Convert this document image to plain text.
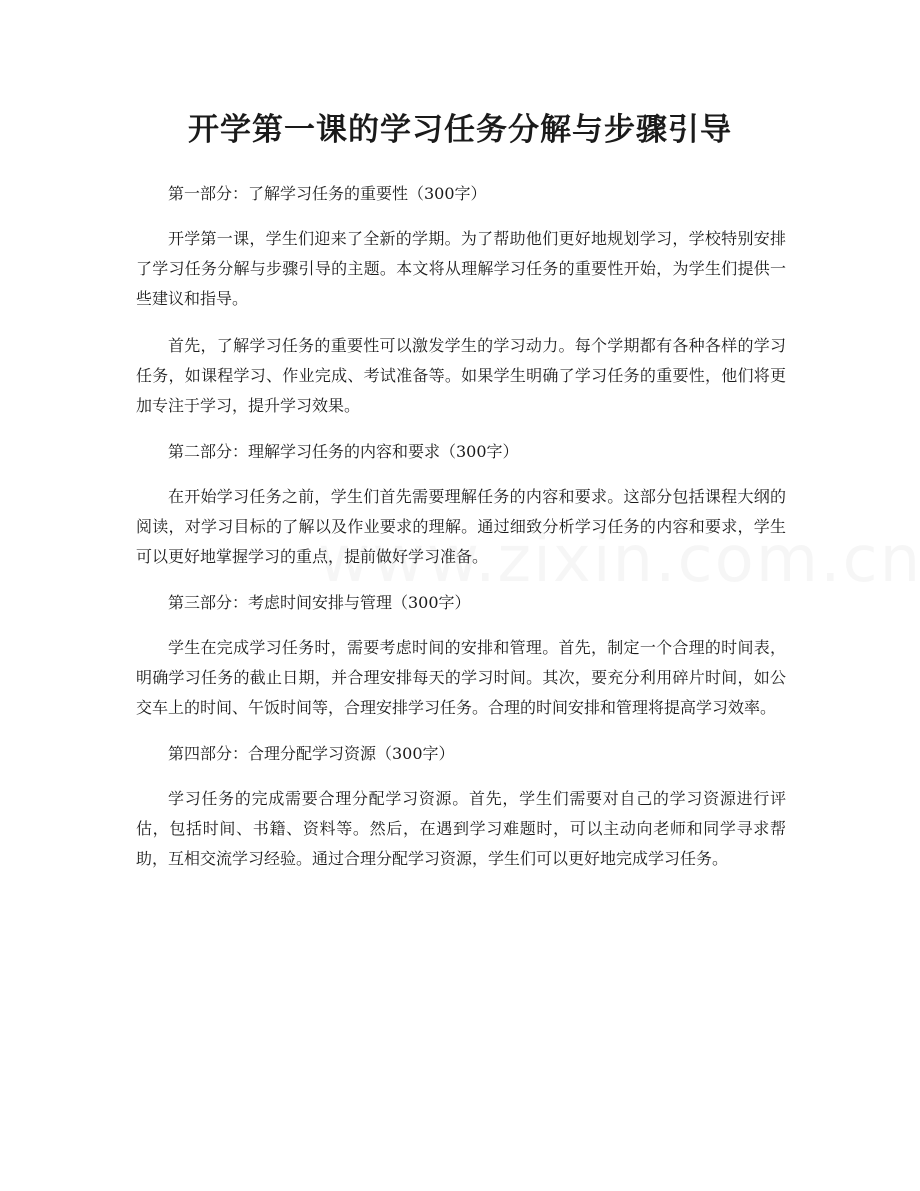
开学第一课的学习任务分解与步骤引导

第一部分：了解学习任务的重要性（300字）

开学第一课，学生们迎来了全新的学期。为了帮助他们更好地规划学习，学校特别安排了学习任务分解与步骤引导的主题。本文将从理解学习任务的重要性开始，为学生们提供一些建议和指导。

首先，了解学习任务的重要性可以激发学生的学习动力。每个学期都有各种各样的学习任务，如课程学习、作业完成、考试准备等。如果学生明确了学习任务的重要性，他们将更加专注于学习，提升学习效果。

第二部分：理解学习任务的内容和要求（300字）

在开始学习任务之前，学生们首先需要理解任务的内容和要求。这部分包括课程大纲的阅读，对学习目标的了解以及作业要求的理解。通过细致分析学习任务的内容和要求，学生可以更好地掌握学习的重点，提前做好学习准备。

第三部分：考虑时间安排与管理（300字）

学生在完成学习任务时，需要考虑时间的安排和管理。首先，制定一个合理的时间表，明确学习任务的截止日期，并合理安排每天的学习时间。其次，要充分利用碎片时间，如公交车上的时间、午饭时间等，合理安排学习任务。合理的时间安排和管理将提高学习效率。

第四部分：合理分配学习资源（300字）

学习任务的完成需要合理分配学习资源。首先，学生们需要对自己的学习资源进行评估，包括时间、书籍、资料等。然后，在遇到学习难题时，可以主动向老师和同学寻求帮助，互相交流学习经验。通过合理分配学习资源，学生们可以更好地完成学习任务。
